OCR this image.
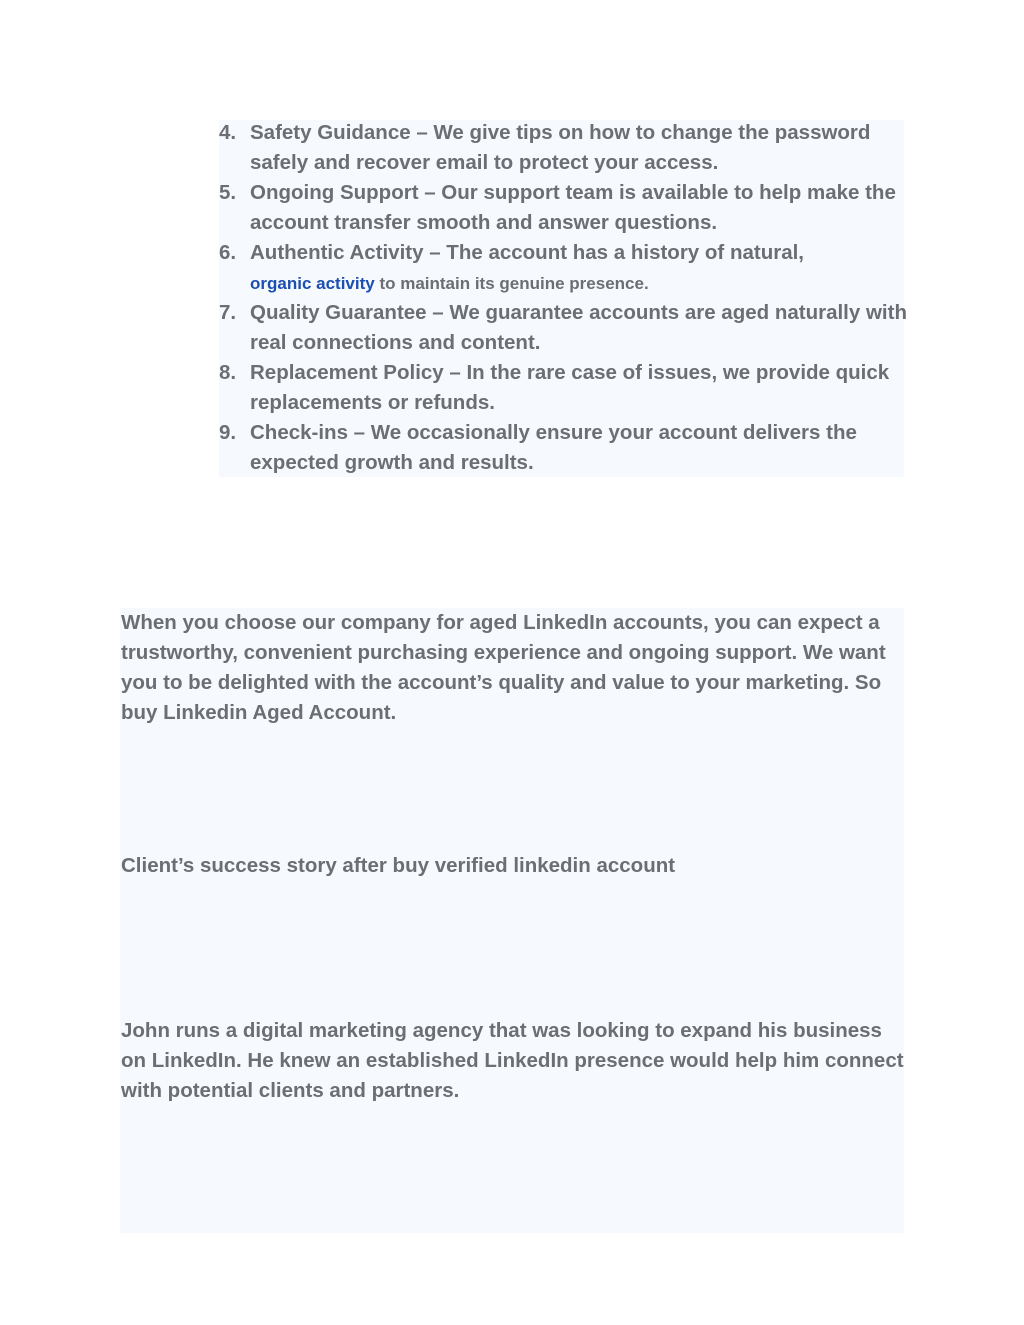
4. Safety Guidance – We give tips on how to change the password safely and recover email to protect your access.
5. Ongoing Support – Our support team is available to help make the account transfer smooth and answer questions.
6. Authentic Activity – The account has a history of natural,
organic activity to maintain its genuine presence.
7. Quality Guarantee – We guarantee accounts are aged naturally with real connections and content.
8. Replacement Policy – In the rare case of issues, we provide quick replacements or refunds.
9. Check-ins – We occasionally ensure your account delivers the expected growth and results.

When you choose our company for aged LinkedIn accounts, you can expect a trustworthy, convenient purchasing experience and ongoing support. We want you to be delighted with the account’s quality and value to your marketing. So buy Linkedin Aged Account.

Client’s success story after buy verified linkedin account

John runs a digital marketing agency that was looking to expand his business on LinkedIn. He knew an established LinkedIn presence would help him connect with potential clients and partners.
